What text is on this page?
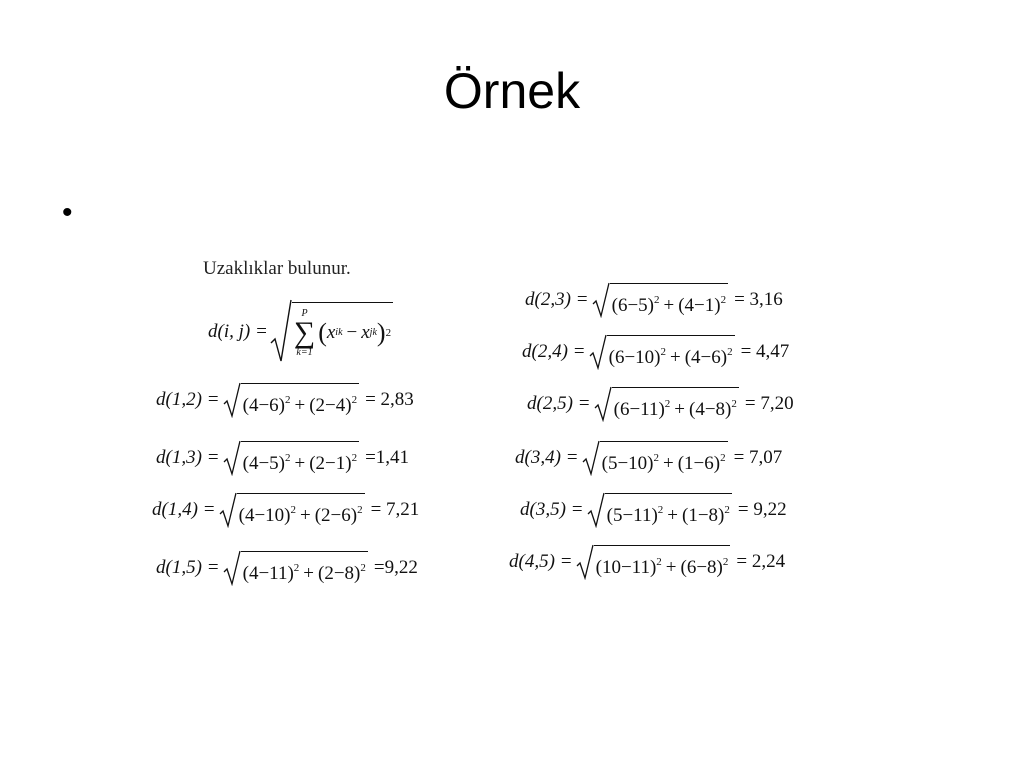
Örnek
•
Uzaklıklar bulunur.
d(i, j) =
P
∑
k=1
( x ik − x jk ) 2
$d(1,2) = (4-6)^2 + (2-4)^2 = 2,83$
$d(1,3) = (4-5)^2 + (2-1)^2 =1,41$
$d(1,4) = (4-10)^2 + (2-6)^2 = 7,21$
$d(1,5) = (4-11)^2 + (2-8)^2 =9,22$
$d(2,3) = (6-5)^2 + (4-1)^2 = 3,16$
$d(2,4) = (6-10)^2 + (4-6)^2 = 4,47$
$d(2,5) = (6-11)^2 + (4-8)^2 = 7,20$
$d(3,4) = (5-10)^2 + (1-6)^2 = 7,07$
$d(3,5) = (5-11)^2 + (1-8)^2 = 9,22$
$d(4,5) = (10-11)^2 + (6-8)^2 = 2,24$
